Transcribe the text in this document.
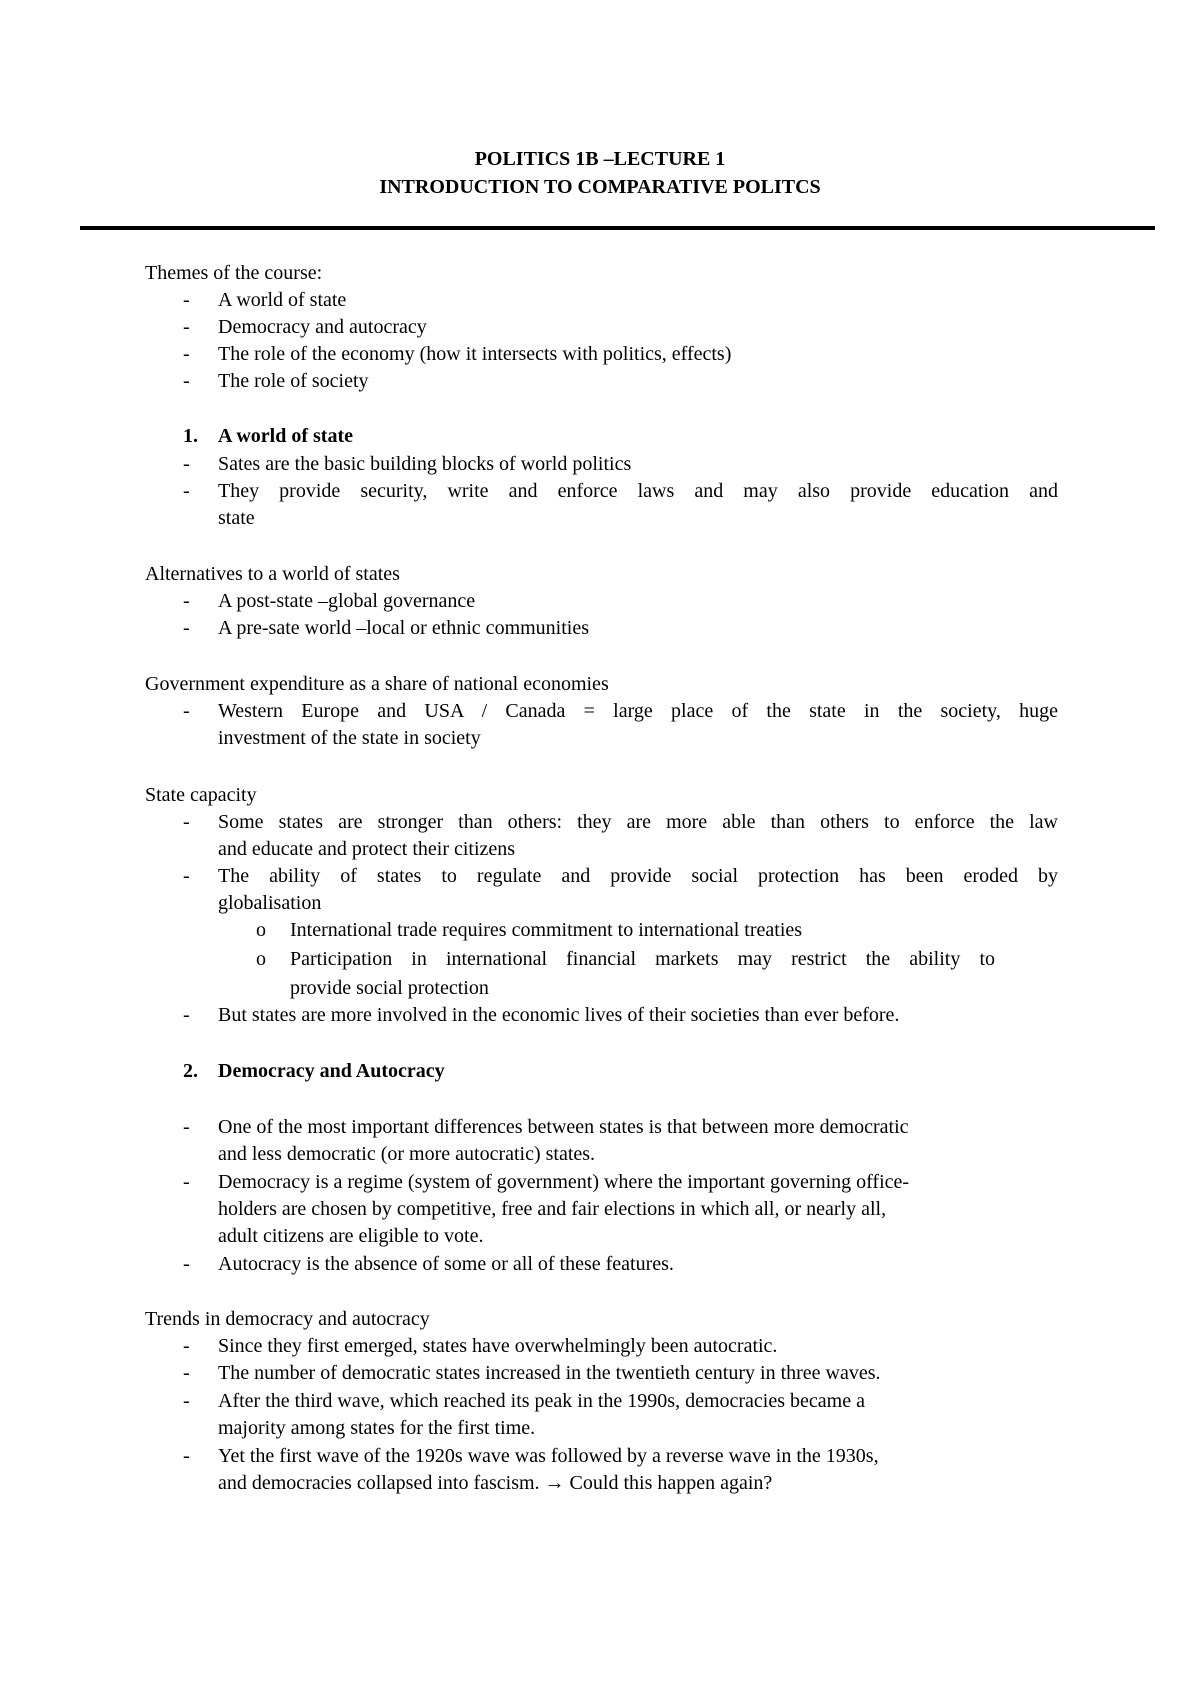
POLITICS 1B –LECTURE 1
INTRODUCTION TO COMPARATIVE POLITCS
Themes of the course:
- A world of state
- Democracy and autocracy
- The role of the economy (how it intersects with politics, effects)
- The role of society
1. A world of state
- Sates are the basic building blocks of world politics
- They provide security, write and enforce laws and may also provide education and
state
Alternatives to a world of states
- A post-state –global governance
- A pre-sate world –local or ethnic communities
Government expenditure as a share of national economies
- Western Europe and USA / Canada = large place of the state in the society, huge
investment of the state in society
State capacity
- Some states are stronger than others: they are more able than others to enforce the law
and educate and protect their citizens
- The ability of states to regulate and provide social protection has been eroded by
globalisation
o International trade requires commitment to international treaties
o Participation in international financial markets may restrict the ability to
provide social protection
- But states are more involved in the economic lives of their societies than ever before.
2. Democracy and Autocracy
- One of the most important differences between states is that between more democratic
and less democratic (or more autocratic) states.
- Democracy is a regime (system of government) where the important governing office-
holders are chosen by competitive, free and fair elections in which all, or nearly all,
adult citizens are eligible to vote.
- Autocracy is the absence of some or all of these features.
Trends in democracy and autocracy
- Since they first emerged, states have overwhelmingly been autocratic.
- The number of democratic states increased in the twentieth century in three waves.
- After the third wave, which reached its peak in the 1990s, democracies became a
majority among states for the first time.
- Yet the first wave of the 1920s wave was followed by a reverse wave in the 1930s,
and democracies collapsed into fascism. → Could this happen again?
